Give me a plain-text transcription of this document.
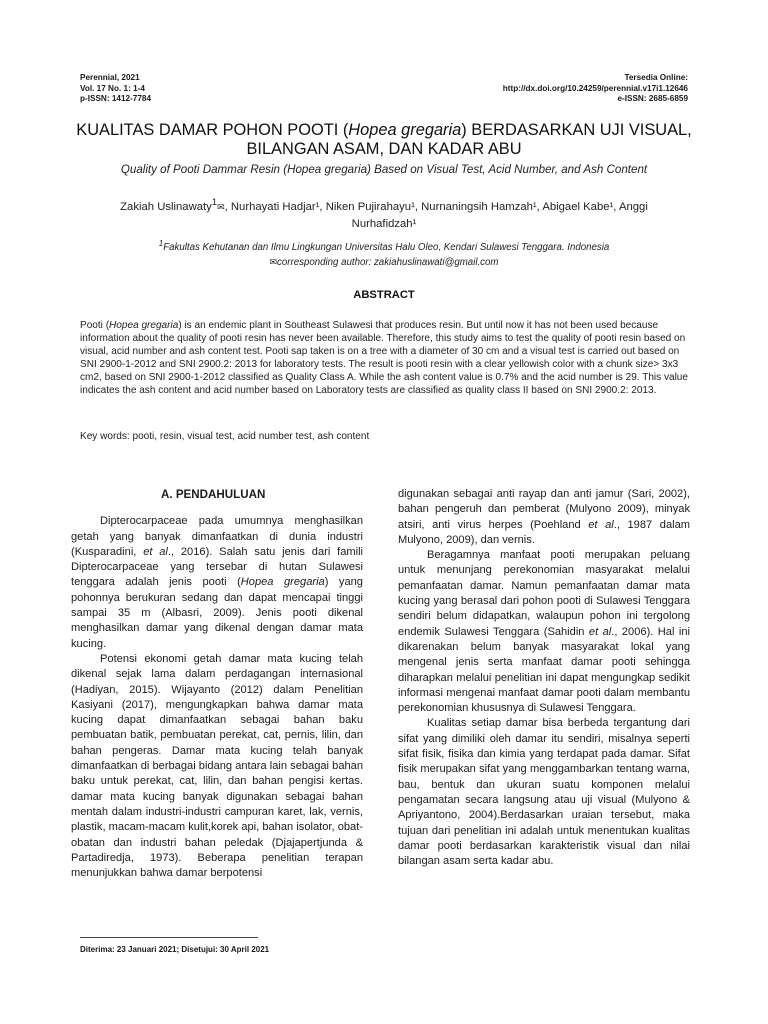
Perennial, 2021
Vol. 17 No. 1: 1-4
p-ISSN: 1412-7784
Tersedia Online:
http://dx.doi.org/10.24259/perennial.v17i1.12646
e-ISSN: 2685-6859
KUALITAS DAMAR POHON POOTI (Hopea gregaria) BERDASARKAN UJI VISUAL,
BILANGAN ASAM, DAN KADAR ABU
Quality of Pooti Dammar Resin (Hopea gregaria) Based on Visual Test, Acid Number, and Ash Content
Zakiah Uslinawaty$^1$✉, Nurhayati Hadjar¹, Niken Pujirahayu¹, Nurnaningsih Hamzah¹, Abigael Kabe¹, Anggi Nurhafidzah¹
$^1$Fakultas Kehutanan dan Ilmu Lingkungan Universitas Halu Oleo, Kendari Sulawesi Tenggara. Indonesia
✉corresponding author: zakiahuslinawati@gmail.com
ABSTRACT
Pooti (Hopea gregaria) is an endemic plant in Southeast Sulawesi that produces resin. But until now it has not been used because information about the quality of pooti resin has never been available. Therefore, this study aims to test the quality of pooti resin based on visual, acid number and ash content test. Pooti sap taken is on a tree with a diameter of 30 cm and a visual test is carried out based on SNI 2900-1-2012 and SNI 2900.2: 2013 for laboratory tests. The result is pooti resin with a clear yellowish color with a chunk size> 3x3 cm2, based on SNI 2900-1-2012 classified as Quality Class A. While the ash content value is 0.7% and the acid number is 29. This value indicates the ash content and acid number based on Laboratory tests are classified as quality class II based on SNI 2900.2: 2013.
Key words: pooti, resin, visual test, acid number test, ash content
A. PENDAHULUAN

Dipterocarpaceae pada umumnya menghasilkan getah yang banyak dimanfaatkan di dunia industri (Kusparadini, et al., 2016). Salah satu jenis dari famili Dipterocarpaceae yang tersebar di hutan Sulawesi tenggara adalah jenis pooti (Hopea gregaria) yang pohonnya berukuran sedang dan dapat mencapai tinggi sampai 35 m (Albasri, 2009). Jenis pooti dikenal menghasilkan damar yang dikenal dengan damar mata kucing.

Potensi ekonomi getah damar mata kucing telah dikenal sejak lama dalam perdagangan internasional (Hadiyan, 2015). Wijayanto (2012) dalam Penelitian Kasiyani (2017), mengungkapkan bahwa damar mata kucing dapat dimanfaatkan sebagai bahan baku pembuatan batik, pembuatan perekat, cat, pernis, lilin, dan bahan pengeras. Damar mata kucing telah banyak dimanfaatkan di berbagai bidang antara lain sebagai bahan baku untuk perekat, cat, lilin, dan bahan pengisi kertas. damar mata kucing banyak digunakan sebagai bahan mentah dalam industri-industri campuran karet, lak, vernis, plastik, macam-macam kulit,korek api, bahan isolator, obat-obatan dan industri bahan peledak (Djajapertjunda & Partadiredja, 1973). Beberapa penelitian terapan menunjukkan bahwa damar berpotensi

digunakan sebagai anti rayap dan anti jamur (Sari, 2002), bahan pengeruh dan pemberat (Mulyono 2009), minyak atsiri, anti virus herpes (Poehland et al., 1987 dalam Mulyono, 2009), dan vernis.

Beragamnya manfaat pooti merupakan peluang untuk menunjang perekonomian masyarakat melalui pemanfaatan damar. Namun pemanfaatan damar mata kucing yang berasal dari pohon pooti di Sulawesi Tenggara sendiri belum didapatkan, walaupun pohon ini tergolong endemik Sulawesi Tenggara (Sahidin et al., 2006). Hal ini dikarenakan belum banyak masyarakat lokal yang mengenal jenis serta manfaat damar pooti sehingga diharapkan melalui penelitian ini dapat mengungkap sedikit informasi mengenai manfaat damar pooti dalam membantu perekonomian khususnya di Sulawesi Tenggara.

Kualitas setiap damar bisa berbeda tergantung dari sifat yang dimiliki oleh damar itu sendiri, misalnya seperti sifat fisik, fisika dan kimia yang terdapat pada damar. Sifat fisik merupakan sifat yang menggambarkan tentang warna, bau, bentuk dan ukuran suatu komponen melalui pengamatan secara langsung atau uji visual (Mulyono & Apriyantono, 2004).Berdasarkan uraian tersebut, maka tujuan dari penelitian ini adalah untuk menentukan kualitas damar pooti berdasarkan karakteristik visual dan nilai bilangan asam serta kadar abu.

Diterima: 23 Januari 2021; Disetujui: 30 April 2021
